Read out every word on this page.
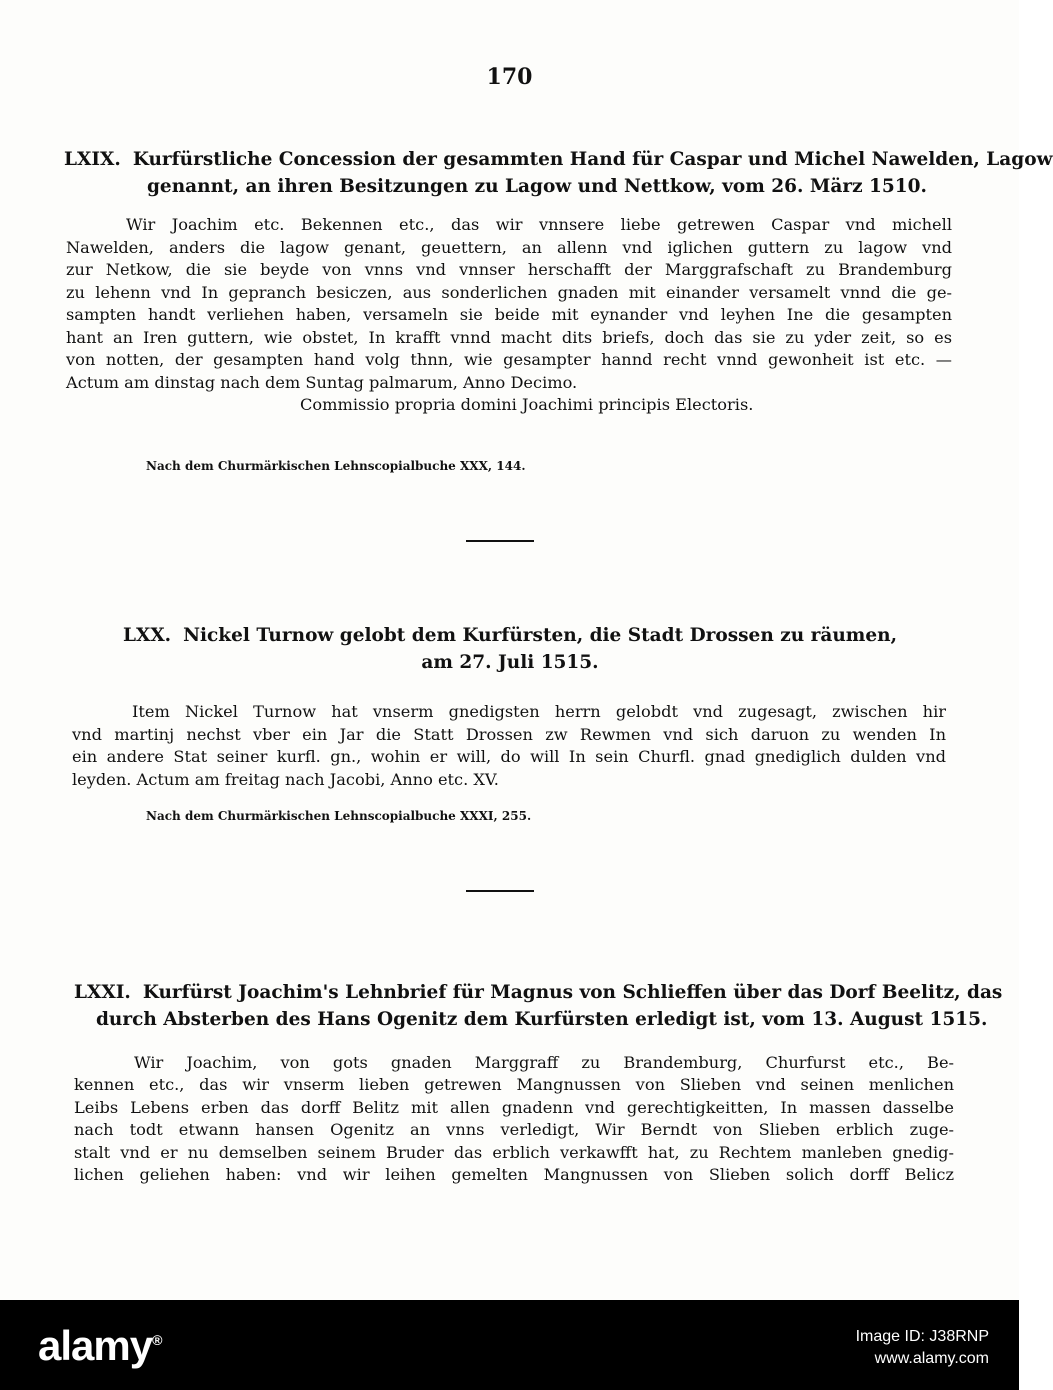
170
LXIX. Kurfürstliche Concession der gesammten Hand für Caspar und Michel Nawelden, Lagow
genannt, an ihren Besitzungen zu Lagow und Nettkow, vom 26. März 1510.
Wir Joachim etc. Bekennen etc., das wir vnnsere liebe getrewen Caspar vnd michell
Nawelden, anders die lagow genant, geuettern, an allenn vnd iglichen guttern zu lagow vnd
zur Netkow, die sie beyde von vnns vnd vnnser herschafft der Marggrafschaft zu Brandemburg
zu lehenn vnd In gepranch besiczen, aus sonderlichen gnaden mit einander versamelt vnnd die ge-
sampten handt verliehen haben, versameln sie beide mit eynander vnd leyhen Ine die gesampten
hant an Iren guttern, wie obstet, In krafft vnnd macht dits briefs, doch das sie zu yder zeit, so es
von notten, der gesampten hand volg thnn, wie gesampter hannd recht vnnd gewonheit ist etc. —
Actum am dinstag nach dem Suntag palmarum, Anno Decimo.
Commissio propria domini Joachimi principis Electoris.
Nach dem Churmärkischen Lehnscopialbuche XXX, 144.
LXX. Nickel Turnow gelobt dem Kurfürsten, die Stadt Drossen zu räumen,
am 27. Juli 1515.
Item Nickel Turnow hat vnserm gnedigsten herrn gelobdt vnd zugesagt, zwischen hir
vnd martinj nechst vber ein Jar die Statt Drossen zw Rewmen vnd sich daruon zu wenden In
ein andere Stat seiner kurfl. gn., wohin er will, do will In sein Churfl. gnad gnediglich dulden vnd
leyden. Actum am freitag nach Jacobi, Anno etc. XV.
Nach dem Churmärkischen Lehnscopialbuche XXXI, 255.
LXXI. Kurfürst Joachim's Lehnbrief für Magnus von Schlieffen über das Dorf Beelitz, das
durch Absterben des Hans Ogenitz dem Kurfürsten erledigt ist, vom 13. August 1515.
Wir Joachim, von gots gnaden Marggraff zu Brandemburg, Churfurst etc., Be-
kennen etc., das wir vnserm lieben getrewen Mangnussen von Slieben vnd seinen menlichen
Leibs Lebens erben das dorff Belitz mit allen gnadenn vnd gerechtigkeitten, In massen dasselbe
nach todt etwann hansen Ogenitz an vnns verledigt, Wir Berndt von Slieben erblich zuge-
stalt vnd er nu demselben seinem Bruder das erblich verkawfft hat, zu Rechtem manleben gnedig-
lichen geliehen haben: vnd wir leihen gemelten Mangnussen von Slieben solich dorff Belicz
alamy®	Image ID: J38RNP
www.alamy.com
